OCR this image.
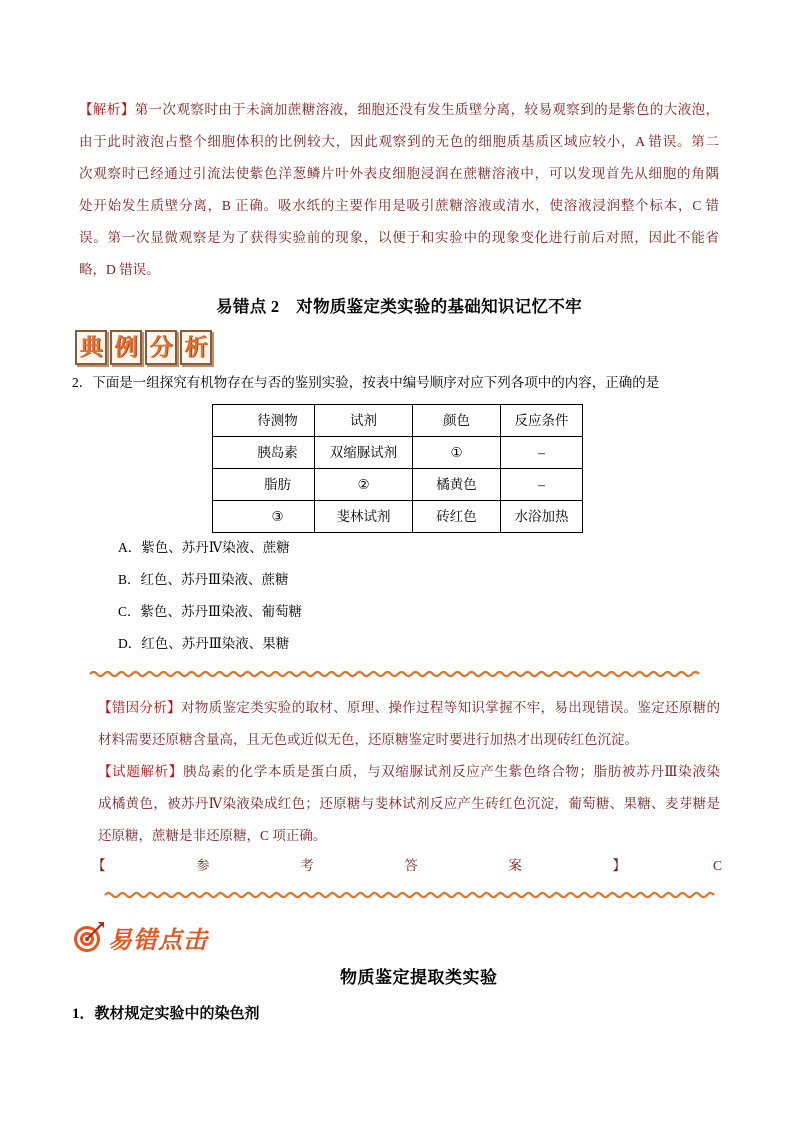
【解析】第一次观察时由于未滴加蔗糖溶液，细胞还没有发生质壁分离，较易观察到的是紫色的大液泡，
由于此时液泡占整个细胞体积的比例较大，因此观察到的无色的细胞质基质区域应较小，A 错误。第二
次观察时已经通过引流法使紫色洋葱鳞片叶外表皮细胞浸润在蔗糖溶液中，可以发现首先从细胞的角隅
处开始发生质壁分离，B 正确。吸水纸的主要作用是吸引蔗糖溶液或清水，使溶液浸润整个标本，C 错
误。第一次显微观察是为了获得实验前的现象，以便于和实验中的现象变化进行前后对照，因此不能省
略，D 错误。
易错点 2　对物质鉴定类实验的基础知识记忆不牢
典 例 分 析
2．下面是一组探究有机物存在与否的鉴别实验，按表中编号顺序对应下列各项中的内容，正确的是
待测物	试剂	颜色	反应条件
胰岛素	双缩脲试剂	①	–
脂肪	②	橘黄色	–
③	斐林试剂	砖红色	水浴加热
A．紫色、苏丹Ⅳ染液、蔗糖
B．红色、苏丹Ⅲ染液、蔗糖
C．紫色、苏丹Ⅲ染液、葡萄糖
D．红色、苏丹Ⅲ染液、果糖
【错因分析】对物质鉴定类实验的取材、原理、操作过程等知识掌握不牢，易出现错误。鉴定还原糖的
材料需要还原糖含量高，且无色或近似无色，还原糖鉴定时要进行加热才出现砖红色沉淀。
【试题解析】胰岛素的化学本质是蛋白质，与双缩脲试剂反应产生紫色络合物；脂肪被苏丹Ⅲ染液染
成橘黄色，被苏丹Ⅳ染液染成红色；还原糖与斐林试剂反应产生砖红色沉淀，葡萄糖、果糖、麦芽糖是
还原糖，蔗糖是非还原糖，C 项正确。
【	参	考	答	案	】	C
易错点击
物质鉴定提取类实验
1．教材规定实验中的染色剂
